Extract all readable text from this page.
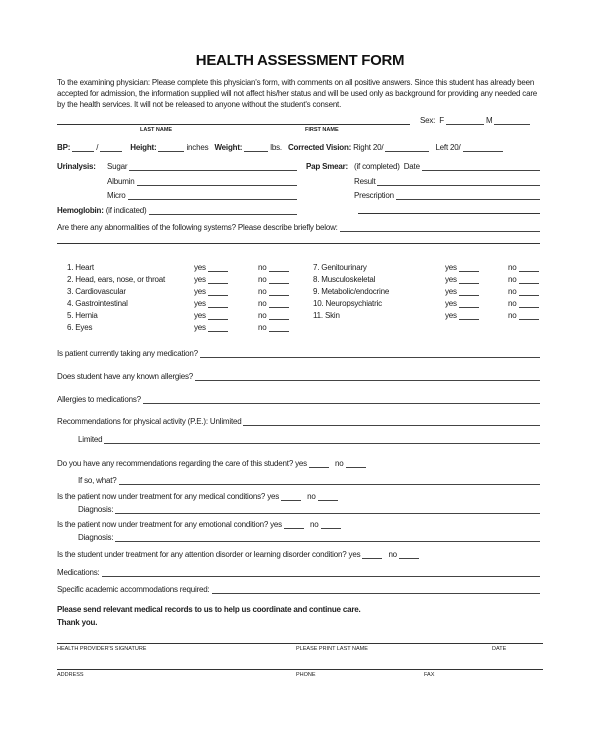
HEALTH ASSESSMENT FORM
To the examining physician: Please complete this physician's form, with comments on all positive answers. Since this student has already been accepted for admission, the information supplied will not affect his/her status and will be used only as background for providing any needed care by the health services. It will not be released to anyone without the student's consent.
Sex: F	M
LAST NAME	FIRST NAME
BP:	/	Height:	inches Weight:	lbs. Corrected Vision: Right 20/	Left 20/
Urinalysis: Sugar
Albumin
Micro
Hemoglobin:
(if indicated)
Pap Smear: (if completed)
Date
Result
Prescription
Are there any abnormalities of the following systems? Please describe briefly below:
1. Heart	yes	no
2. Head, ears, nose, or throat	yes	no
3. Cardiovascular	yes	no
4. Gastrointestinal	yes	no
5. Hernia	yes	no
6. Eyes	yes	no
7. Genitourinary	yes	no
8. Musculoskeletal	yes	no
9. Metabolic/endocrine	yes	no
10. Neuropsychiatric	yes	no
11. Skin	yes	no
Is patient currently taking any medication?
Does student have any known allergies?
Allergies to medications?
Recommendations for physical activity (P.E.): Unlimited
Limited
Do you have any recommendations regarding the care of this student? yes	no
If so, what?
Is the patient now under treatment for any medical conditions? yes	no
Diagnosis:
Is the patient now under treatment for any emotional condition? yes	no
Diagnosis:
Is the student under treatment for any attention disorder or learning disorder condition? yes	no
Medications:
Specific academic accommodations required:
Please send relevant medical records to us to help us coordinate and continue care.
Thank you.
HEALTH PROVIDER'S SIGNATURE	PLEASE PRINT LAST NAME	DATE
ADDRESS	PHONE	FAX
